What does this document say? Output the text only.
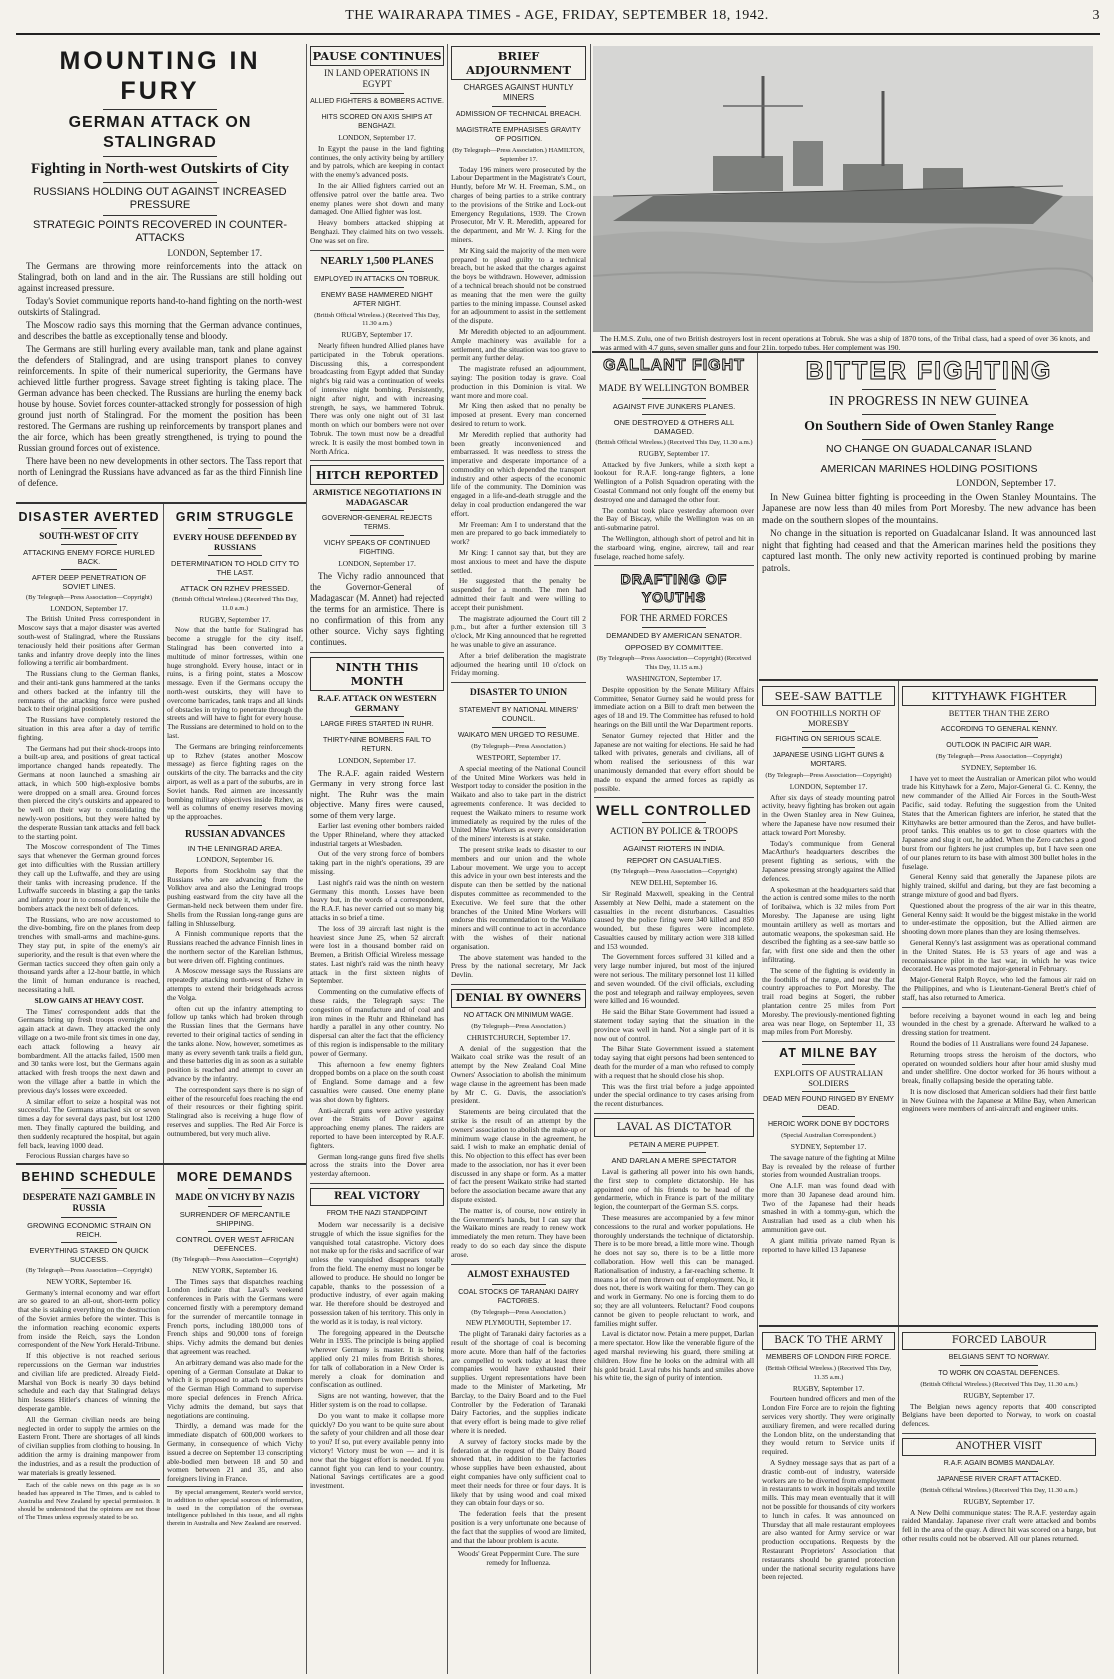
THE WAIRARAPA TIMES - AGE, FRIDAY, SEPTEMBER 18, 1942.	3
MOUNTING IN FURY
GERMAN ATTACK ON STALINGRAD
Fighting in North-west Outskirts of City
RUSSIANS HOLDING OUT AGAINST INCREASED PRESSURE
STRATEGIC POINTS RECOVERED IN COUNTER-ATTACKS
LONDON, September 17.

The Germans are throwing more reinforcements into the attack on Stalingrad, both on land and in the air. The Russians are still holding out against increased pressure.

Today's Soviet communique reports hand-to-hand fighting on the north-west outskirts of Stalingrad.

The Moscow radio says this morning that the German advance continues, and describes the battle as exceptionally tense and bloody.

The Germans are still hurling every available man, tank and plane against the defenders of Stalingrad, and are using transport planes to convey reinforcements. In spite of their numerical superiority, the Germans have achieved little further progress. Savage street fighting is taking place. The German advance has been checked. The Russians are hurling the enemy back house by house. Soviet forces counter-attacked strongly for possession of high ground just north of Stalingrad. For the moment the position has been restored. The Germans are rushing up reinforcements by transport planes and the air force, which has been greatly strengthened, is trying to pound the Russian ground forces out of existence.

There have been no new developments in other sectors. The Tass report that north of Leningrad the Russians have advanced as far as the third Finnish line of defence.

DISASTER AVERTED
SOUTH-WEST OF CITY
ATTACKING ENEMY FORCE HURLED BACK.
AFTER DEEP PENETRATION OF SOVIET LINES.
(By Telegraph—Press Association—Copyright)
LONDON, September 17.

The British United Press correspondent in Moscow says that a major disaster was averted south-west of Stalingrad, where the Russians tenaciously held their positions after German tanks and infantry drove deeply into the lines following a terrific air bombardment.

The Russians clung to the German flanks, and their anti-tank guns hammered at the tanks and others backed at the infantry till the remnants of the attacking force were pushed back to their original positions.

The Russians have completely restored the situation in this area after a day of terrific fighting.

The Germans had put their shock-troops into a built-up area, and positions of great tactical importance changed hands repeatedly. The Germans at noon launched a smashing air attack, in which 500 high-explosive bombs were dropped on a small area. Ground forces then pierced the city's outskirts and appeared to be well on their way to consolidating the newly-won positions, but they were halted by the desperate Russian tank attacks and fell back to the starting point.

The Moscow correspondent of The Times says that whenever the German ground forces get into difficulties with the Russian artillery they call up the Luftwaffe, and they are using their tanks with increasing prudence. If the Luftwaffe succeeds in blasting a gap the tanks and infantry pour in to consolidate it, while the bombers attack the next belt of defences.

The Russians, who are now accustomed to the dive-bombing, fire on the planes from deep trenches with small-arms and machine-guns. They stay put, in spite of the enemy's air superiority, and the result is that even where the German tactics succeed they often gain only a thousand yards after a 12-hour battle, in which the limit of human endurance is reached, necessitating a lull.

SLOW GAINS AT HEAVY COST.

The Times' correspondent adds that the Germans bring up fresh troops overnight and again attack at dawn. They attacked the only village on a two-mile front six times in one day, each attack following a heavy air bombardment. All the attacks failed, 1500 men and 30 tanks were lost, but the Germans again attacked with fresh troops the next dawn and won the village after a battle in which the previous day's losses were exceeded.

A similar effort to seize a hospital was not successful. The Germans attacked six or seven times a day for several days past, but lost 1200 men. They finally captured the building, and then suddenly recaptured the hospital, but again fell back, leaving 1000 dead.

Ferocious Russian charges have so

GRIM STRUGGLE
EVERY HOUSE DEFENDED BY RUSSIANS
DETERMINATION TO HOLD CITY TO THE LAST.
ATTACK ON RZHEV PRESSED.
(British Official Wireless.) (Received This Day, 11.0 a.m.)
RUGBY, September 17.

Now that the battle for Stalingrad has become a struggle for the city itself, Stalingrad has been converted into a multitude of minor fortresses, within one huge stronghold. Every house, intact or in ruins, is a firing point, states a Moscow message. Even if the Germans occupy the north-west outskirts, they will have to overcome barricades, tank traps and all kinds of obstacles in trying to penetrate through the streets and will have to fight for every house. The Russians are determined to hold on to the last.

The Germans are bringing reinforcements up to Rzhev (states another Moscow message) as fierce fighting rages on the outskirts of the city. The barracks and the city airport, as well as a part of the suburbs, are in Soviet hands. Red airmen are incessantly bombing military objectives inside Rzhev, as well as columns of enemy reserves moving up the approaches.

RUSSIAN ADVANCES
IN THE LENINGRAD AREA.
LONDON, September 16.

Reports from Stockholm say that the Russians who are advancing from the Volkhov area and also the Leningrad troops pushing eastward from the city have all the German-held neck between them under fire. Shells from the Russian long-range guns are falling in Shlusselburg.

A Finnish communique reports that the Russians reached the advance Finnish lines in the northern sector of the Karelian Isthmus, but were driven off. Fighting continues.

A Moscow message says the Russians are repeatedly attacking north-west of Rzhev in attempts to extend their bridgeheads across the Volga.

often cut up the infantry attempting to follow up tanks which had broken through the Russian lines that the Germans have reverted to their original tactics of sending in the tanks alone. Now, however, sometimes as many as every seventh tank trails a field gun, and these batteries dig in as soon as a suitable position is reached and attempt to cover an advance by the infantry.

The correspondent says there is no sign of either of the resourceful foes reaching the end of their resources or their fighting spirit. Stalingrad also is receiving a huge flow of reserves and supplies. The Red Air Force is outnumbered, but very much alive.

BEHIND SCHEDULE
DESPERATE NAZI GAMBLE IN RUSSIA
GROWING ECONOMIC STRAIN ON REICH.
EVERYTHING STAKED ON QUICK SUCCESS.
(By Telegraph—Press Association—Copyright)
NEW YORK, September 16.

Germany's internal economy and war effort are so geared to an all-out, short-term policy that she is staking everything on the destruction of the Soviet armies before the winter. This is the information reaching economic experts from inside the Reich, says the London correspondent of the New York Herald-Tribune.

If this objective is not reached serious repercussions on the German war industries and civilian life are predicted. Already Field-Marshal von Bock is nearly 30 days behind schedule and each day that Stalingrad delays him lessens Hitler's chances of winning the desperate gamble.

All the German civilian needs are being neglected in order to supply the armies on the Eastern Front. There are shortages of all kinds of civilian supplies from clothing to housing. In addition the army is draining manpower from the industries, and as a result the production of war materials is greatly lessened.

Each of the cable news on this page as is so headed has appeared in The Times, and is cabled to Australia and New Zealand by special permission. It should be understood that the opinions are not those of The Times unless expressly stated to be so.

MORE DEMANDS
MADE ON VICHY BY NAZIS
SURRENDER OF MERCANTILE SHIPPING.
CONTROL OVER WEST AFRICAN DEFENCES.
(By Telegraph—Press Association—Copyright)
NEW YORK, September 16.

The Times says that dispatches reaching London indicate that Laval's weekend conferences in Paris with the Germans were concerned firstly with a peremptory demand for the surrender of mercantile tonnage in French ports, including 180,000 tons of French ships and 90,000 tons of foreign ships. Vichy admits the demand but denies that agreement was reached.

An arbitrary demand was also made for the opening of a German Consulate at Dakar to which it is proposed to attach two members of the German High Command to supervise more special defences in French Africa. Vichy admits the demand, but says that negotiations are continuing.

Thirdly, a demand was made for the immediate dispatch of 600,000 workers to Germany, in consequence of which Vichy issued a decree on September 13 conscripting able-bodied men between 18 and 50 and women between 21 and 35, and also foreigners living in France.

By special arrangement, Reuter's world service, in addition to other special sources of information, is used in the compilation of the overseas intelligence published in this issue, and all rights therein in Australia and New Zealand are reserved.

PAUSE CONTINUES
IN LAND OPERATIONS IN EGYPT
ALLIED FIGHTERS & BOMBERS ACTIVE.
HITS SCORED ON AXIS SHIPS AT BENGHAZI.
LONDON, September 17.

In Egypt the pause in the land fighting continues, the only activity being by artillery and by patrols, which are keeping in contact with the enemy's advanced posts.

In the air Allied fighters carried out an offensive patrol over the battle area. Two enemy planes were shot down and many damaged. One Allied fighter was lost.

Heavy bombers attacked shipping at Benghazi. They claimed hits on two vessels. One was set on fire.

NEARLY 1,500 PLANES
EMPLOYED IN ATTACKS ON TOBRUK.
ENEMY BASE HAMMERED NIGHT AFTER NIGHT.
(British Official Wireless.) (Received This Day, 11.30 a.m.)
RUGBY, September 17.

Nearly fifteen hundred Allied planes have participated in the Tobruk operations. Discussing this, a correspondent broadcasting from Egypt added that Sunday night's big raid was a continuation of weeks of intensive night bombing. Persistently, night after night, and with increasing strength, he says, we hammered Tobruk. There was only one night out of 31 last month on which our bombers were not over Tobruk. The town must now be a dreadful wreck. It is easily the most bombed town in North Africa.

HITCH REPORTED
ARMISTICE NEGOTIATIONS IN MADAGASCAR
GOVERNOR-GENERAL REJECTS TERMS.
VICHY SPEAKS OF CONTINUED FIGHTING.
LONDON, September 17.

The Vichy radio announced that the Governor-General of Madagascar (M. Annet) had rejected the terms for an armistice. There is no confirmation of this from any other source. Vichy says fighting continues.

NINTH THIS MONTH
R.A.F. ATTACK ON WESTERN GERMANY
LARGE FIRES STARTED IN RUHR.
THIRTY-NINE BOMBERS FAIL TO RETURN.
LONDON, September 17.

The R.A.F. again raided Western Germany in very strong force last night. The Ruhr was the main objective. Many fires were caused, some of them very large.

Earlier last evening other bombers raided the Upper Rhineland, where they attacked industrial targets at Wiesbaden.

Out of the very strong force of bombers taking part in the night's operations, 39 are missing.

Last night's raid was the ninth on western Germany this month. Losses have been heavy but, in the words of a correspondent, the R.A.F. has never carried out so many big attacks in so brief a time.

The loss of 39 aircraft last night is the heaviest since June 25, when 52 aircraft were lost in a thousand bomber raid on Bremen, a British Official Wireless message states. Last night's raid was the ninth heavy attack in the first sixteen nights of September.

Commenting on the cumulative effects of these raids, the Telegraph says: The congestion of manufacture and of coal and iron mines in the Ruhr and Rhineland has hardly a parallel in any other country. No dispersal can alter the fact that the efficiency of this region is indispensable to the military power of Germany.

This afternoon a few enemy fighters dropped bombs on a place on the south coast of England. Some damage and a few casualties were caused. One enemy plane was shot down by fighters.

Anti-aircraft guns were active yesterday over the Straits of Dover against approaching enemy planes. The raiders are reported to have been intercepted by R.A.F. fighters.

German long-range guns fired five shells across the straits into the Dover area yesterday afternoon.

REAL VICTORY
FROM THE NAZI STANDPOINT

Modern war necessarily is a decisive struggle of which the issue signifies for the vanquished total catastrophe. Victory does not make up for the risks and sacrifice of war unless the vanquished disappears totally from the field. The enemy must no longer be allowed to produce. He should no longer be capable, thanks to the possession of a productive industry, of ever again making war. He therefore should be destroyed and possession taken of his territory. This only in the world as it is today, is real victory.

The foregoing appeared in the Deutsche Wehr in 1935. The principle is being applied wherever Germany is master. It is being applied only 21 miles from British shores, for talk of collaboration in a New Order is merely a cloak for domination and confiscation as outlined.

Signs are not wanting, however, that the Hitler system is on the road to collapse.

Do you want to make it collapse more quickly? Do you want to be quite sure about the safety of your children and all those dear to you? If so, put every available penny into victory! Victory must be won — and it is now that the biggest effort is needed. If you cannot fight you can lend to your country. National Savings certificates are a good investment.

BRIEF ADJOURNMENT
CHARGES AGAINST HUNTLY MINERS
ADMISSION OF TECHNICAL BREACH.
MAGISTRATE EMPHASISES GRAVITY OF POSITION.
(By Telegraph—Press Association.) HAMILTON, September 17.

Today 196 miners were prosecuted by the Labour Department in the Magistrate's Court, Huntly, before Mr W. H. Freeman, S.M., on charges of being parties to a strike contrary to the provisions of the Strike and Lock-out Emergency Regulations, 1939. The Crown Prosecutor, Mr V. R. Meredith, appeared for the department, and Mr W. J. King for the miners.

Mr King said the majority of the men were prepared to plead guilty to a technical breach, but he asked that the charges against the boys be withdrawn. However, admission of a technical breach should not be construed as meaning that the men were the guilty parties to the mining impasse. Counsel asked for an adjournment to assist in the settlement of the dispute.

Mr Meredith objected to an adjournment. Ample machinery was available for a settlement, and the situation was too grave to permit any further delay.

The magistrate refused an adjournment, saying: The position today is grave. Coal production in this Dominion is vital. We want more and more coal.

Mr King then asked that no penalty be imposed at present. Every man concerned desired to return to work.

Mr Meredith replied that authority had been greatly inconvenienced and embarrassed. It was needless to stress the imperative and desperate importance of a commodity on which depended the transport industry and other aspects of the economic life of the community. The Dominion was engaged in a life-and-death struggle and the delay in coal production endangered the war effort.

Mr Freeman: Am I to understand that the men are prepared to go back immediately to work?

Mr King: I cannot say that, but they are most anxious to meet and have the dispute settled.

He suggested that the penalty be suspended for a month. The men had admitted their fault and were willing to accept their punishment.

The magistrate adjourned the Court till 2 p.m., but after a further extension till 3 o'clock, Mr King announced that he regretted he was unable to give an assurance.

After a brief deliberation the magistrate adjourned the hearing until 10 o'clock on Friday morning.

DISASTER TO UNION
STATEMENT BY NATIONAL MINERS' COUNCIL.
WAIKATO MEN URGED TO RESUME.
(By Telegraph—Press Association.)
WESTPORT, September 17.

A special meeting of the National Council of the United Mine Workers was held in Westport today to consider the position in the Waikato and also to take part in the district agreements conference. It was decided to request the Waikato miners to resume work immediately as required by the rules of the United Mine Workers as every consideration of the miners' interests is at stake.

The present strike leads to disaster to our members and our union and the whole Labour movement. We urge you to accept this advice in your own best interests and the dispute can then be settled by the national disputes committee as recommended to the Executive. We feel sure that the other branches of the United Mine Workers will endorse this recommendation to the Waikato miners and will continue to act in accordance with the wishes of their national organisation.

The above statement was handed to the Press by the national secretary, Mr Jack Devlin.

DENIAL BY OWNERS
NO ATTACK ON MINIMUM WAGE.
(By Telegraph—Press Association.)
CHRISTCHURCH, September 17.

A denial of the suggestion that the Waikato coal strike was the result of an attempt by the New Zealand Coal Mine Owners' Association to abolish the minimum wage clause in the agreement has been made by Mr C. G. Davis, the association's president.

Statements are being circulated that the strike is the result of an attempt by the owners' association to abolish the make-up or minimum wage clause in the agreement, he said. I wish to make an emphatic denial of this. No objection to this effect has ever been made to the association, nor has it ever been discussed in any shape or form. As a matter of fact the present Waikato strike had started before the association became aware that any dispute existed.

The matter is, of course, now entirely in the Government's hands, but I can say that the Waikato mines are ready to renew work immediately the men return. They have been ready to do so each day since the dispute arose.

ALMOST EXHAUSTED
COAL STOCKS OF TARANAKI DAIRY FACTORIES.
(By Telegraph—Press Association.)
NEW PLYMOUTH, September 17.

The plight of Taranaki dairy factories as a result of the shortage of coal is becoming more acute. More than half of the factories are compelled to work today at least three companies would have exhausted their supplies. Urgent representations have been made to the Minister of Marketing, Mr Barclay, to the Dairy Board and to the Fuel Controller by the Federation of Taranaki Dairy Factories, and the supplies indicate that every effort is being made to give relief where it is needed.

A survey of factory stocks made by the federation at the request of the Dairy Board showed that, in addition to the factories whose supplies have been exhausted, about eight companies have only sufficient coal to meet their needs for three or four days. It is likely that by using wood and coal mixed they can obtain four days or so.

The federation feels that the present position is a very unfortunate one because of the fact that the supplies of wood are limited, and that the labour problem is acute.

Woods' Great Peppermint Cure. The sure remedy for Influenza.

The H.M.S. Zulu, one of two British destroyers lost in recent operations at Tobruk. She was a ship of 1870 tons, of the Tribal class, had a speed of over 36 knots, and was armed with 4.7 guns, seven smaller guns and four 21in. torpedo tubes. Her complement was 190.
GALLANT FIGHT
MADE BY WELLINGTON BOMBER
AGAINST FIVE JUNKERS PLANES.
ONE DESTROYED & OTHERS ALL DAMAGED.
(British Official Wireless.) (Received This Day, 11.30 a.m.)
RUGBY, September 17.

Attacked by five Junkers, while a sixth kept a lookout for R.A.F. long-range fighters, a lone Wellington of a Polish Squadron operating with the Coastal Command not only fought off the enemy but destroyed one and damaged the other four.

The combat took place yesterday afternoon over the Bay of Biscay, while the Wellington was on an anti-submarine patrol.

The Wellington, although short of petrol and hit in the starboard wing, engine, aircrew, tail and rear fuselage, reached home safely.

DRAFTING OF YOUTHS
FOR THE ARMED FORCES
DEMANDED BY AMERICAN SENATOR.
OPPOSED BY COMMITTEE.
(By Telegraph—Press Association—Copyright) (Received This Day, 11.15 a.m.)
WASHINGTON, September 17.

Despite opposition by the Senate Military Affairs Committee, Senator Gurney said he would press for immediate action on a Bill to draft men between the ages of 18 and 19. The Committee has refused to hold hearings on the Bill until the War Department reports.

Senator Gurney rejected that Hitler and the Japanese are not waiting for elections. He said he had talked with privates, generals and civilians, all of whom realised the seriousness of this war unanimously demanded that every effort should be made to expand the armed forces as rapidly as possible.

WELL CONTROLLED
ACTION BY POLICE & TROOPS
AGAINST RIOTERS IN INDIA.
REPORT ON CASUALTIES.
(By Telegraph—Press Association—Copyright)
NEW DELHI, September 16.

Sir Reginald Maxwell, speaking in the Central Assembly at New Delhi, made a statement on the casualties in the recent disturbances. Casualties caused by the police firing were 340 killed and 850 wounded, but these figures were incomplete. Casualties caused by military action were 318 killed and 153 wounded.

The Government forces suffered 31 killed and a very large number injured, but most of the injured were not serious. The military personnel lost 11 killed and seven wounded. Of the civil officials, excluding the post and telegraph and railway employees, seven were killed and 16 wounded.

He said the Bihar State Government had issued a statement today saying that the situation in the province was well in hand. Not a single part of it is now out of control.

The Bihar State Government issued a statement today saying that eight persons had been sentenced to death for the murder of a man who refused to comply with a request that he should close his shop.

This was the first trial before a judge appointed under the special ordinance to try cases arising from the recent disturbances.

LAVAL AS DICTATOR
PETAIN A MERE PUPPET.
AND DARLAN A MERE SPECTATOR

Laval is gathering all power into his own hands, the first step to complete dictatorship. He has appointed one of his friends to be head of the gendarmerie, which in France is part of the military legion, the counterpart of the German S.S. corps.

These measures are accompanied by a few minor concessions to the rural and worker populations. He thoroughly understands the technique of dictatorship. There is to be more bread, a little more wine. Though he does not say so, there is to be a little more collaboration. How well this can be managed. Rationalisation of industry, a far-reaching scheme. It means a lot of men thrown out of employment. No, it does not, there is work waiting for them. They can go and work in Germany. No one is forcing them to do so; they are all volunteers. Reluctant? Food coupons cannot be given to people reluctant to work, and families might suffer.

Laval is dictator now. Petain a mere puppet, Darlan a mere spectator. How like the venerable figure of the aged marshal reviewing his guard, there smiling at children. How fine he looks on the admiral with all his gold braid. Laval rubs his hands and smiles above his white tie, the sign of purity of intention.

BITTER FIGHTING
IN PROGRESS IN NEW GUINEA
On Southern Side of Owen Stanley Range
NO CHANGE ON GUADALCANAR ISLAND
AMERICAN MARINES HOLDING POSITIONS
LONDON, September 17.

In New Guinea bitter fighting is proceeding in the Owen Stanley Mountains. The Japanese are now less than 40 miles from Port Moresby. The new advance has been made on the southern slopes of the mountains.

No change in the situation is reported on Guadalcanar Island. It was announced last night that fighting had ceased and that the American marines held the positions they captured last month. The only new activity reported is continued probing by marine patrols.

SEE-SAW BATTLE
ON FOOTHILLS NORTH OF MORESBY
FIGHTING ON SERIOUS SCALE.
JAPANESE USING LIGHT GUNS & MORTARS.
(By Telegraph—Press Association—Copyright)
LONDON, September 17.

After six days of steady mounting patrol activity, heavy fighting has broken out again in the Owen Stanley area in New Guinea, where the Japanese have now resumed their attack toward Port Moresby.

Today's communique from General MacArthur's headquarters describes the present fighting as serious, with the Japanese pressing strongly against the Allied defences.

A spokesman at the headquarters said that the action is centred some miles to the north of Ioribaiwa, which is 32 miles from Port Moresby. The Japanese are using light mountain artillery as well as mortars and automatic weapons, the spokesman said. He described the fighting as a see-saw battle so far, with first one side and then the other infiltrating.

The scene of the fighting is evidently in the foothills of the range, and near the flat country approaches to Port Moresby. The trail road begins at Sogeri, the rubber plantation centre 25 miles from Port Moresby. The previously-mentioned fighting area was near Iloge, on September 11, 33 map miles from Port Moresby.

AT MILNE BAY
EXPLOITS OF AUSTRALIAN SOLDIERS
DEAD MEN FOUND RINGED BY ENEMY DEAD.
HEROIC WORK DONE BY DOCTORS
(Special Australian Correspondent.)
SYDNEY, September 17.

The savage nature of the fighting at Milne Bay is revealed by the release of further stories from wounded Australian troops.

One A.I.F. man was found dead with more than 30 Japanese dead around him. Two of the Japanese had their heads smashed in with a tommy-gun, which the Australian had used as a club when his ammunition gave out.

A giant militia private named Ryan is reported to have killed 13 Japanese

KITTYHAWK FIGHTER
BETTER THAN THE ZERO
ACCORDING TO GENERAL KENNY.
OUTLOOK IN PACIFIC AIR WAR.
(By Telegraph—Press Association—Copyright)
SYDNEY, September 16.

I have yet to meet the Australian or American pilot who would trade his Kittyhawk for a Zero, Major-General G. C. Kenny, the new commander of the Allied Air Forces in the South-West Pacific, said today. Refuting the suggestion from the United States that the American fighters are inferior, he stated that the Kittyhawks are better armoured than the Zeros, and have bullet-proof tanks. This enables us to get to close quarters with the Japanese and slug it out, he added. When the Zero catches a good burst from our fighters he just crumples up, but I have seen one of our planes return to its base with almost 300 bullet holes in the fuselage.

General Kenny said that generally the Japanese pilots are highly trained, skilful and daring, but they are fast becoming a strange mixture of good and bad flyers.

Questioned about the progress of the air war in this theatre, General Kenny said: It would be the biggest mistake in the world to under-estimate the opposition, but the Allied airmen are shooting down more planes than they are losing themselves.

General Kenny's last assignment was as operational command in the United States. He is 53 years of age and was a reconnaissance pilot in the last war, in which he was twice decorated. He was promoted major-general in February.

Major-General Ralph Royce, who led the famous air raid on the Philippines, and who is Lieutenant-General Brett's chief of staff, has also returned to America.

before receiving a bayonet wound in each leg and being wounded in the chest by a grenade. Afterward he walked to a dressing station for treatment.

Round the bodies of 11 Australians were found 24 Japanese.

Returning troops stress the heroism of the doctors, who operated on wounded soldiers hour after hour amid slushy mud and under shellfire. One doctor worked for 36 hours without a break, finally collapsing beside the operating table.

It is now disclosed that American soldiers had their first battle in New Guinea with the Japanese at Milne Bay, when American engineers were members of anti-aircraft and engineer units.

BACK TO THE ARMY
MEMBERS OF LONDON FIRE FORCE.
(British Official Wireless.) (Received This Day, 11.35 a.m.)
RUGBY, September 17.

Fourteen hundred officers and men of the London Fire Force are to rejoin the fighting services very shortly. They were originally auxiliary firemen, and were recalled during the London blitz, on the understanding that they would return to Service units if required.

A Sydney message says that as part of a drastic comb-out of industry, waterside workers are to be diverted from employment in restaurants to work in hospitals and textile mills. This may mean eventually that it will not be possible for thousands of city workers to lunch in cafes. It was announced on Thursday that all male restaurant employees are also wanted for Army service or war production occupations. Requests by the Restaurant Proprietors' Association that restaurants should be granted protection under the national security regulations have been rejected.

FORCED LABOUR
BELGIANS SENT TO NORWAY.
TO WORK ON COASTAL DEFENCES.
(British Official Wireless.) (Received This Day, 11.30 a.m.)
RUGBY, September 17.

The Belgian news agency reports that 400 conscripted Belgians have been deported to Norway, to work on coastal defences.

ANOTHER VISIT
R.A.F. AGAIN BOMBS MANDALAY.
JAPANESE RIVER CRAFT ATTACKED.
(British Official Wireless.) (Received This Day, 11.30 a.m.)
RUGBY, September 17.

A New Delhi communique states: The R.A.F. yesterday again raided Mandalay. Japanese river craft were attacked and bombs fell in the area of the quay. A direct hit was scored on a barge, but other results could not be observed. All our planes returned.
